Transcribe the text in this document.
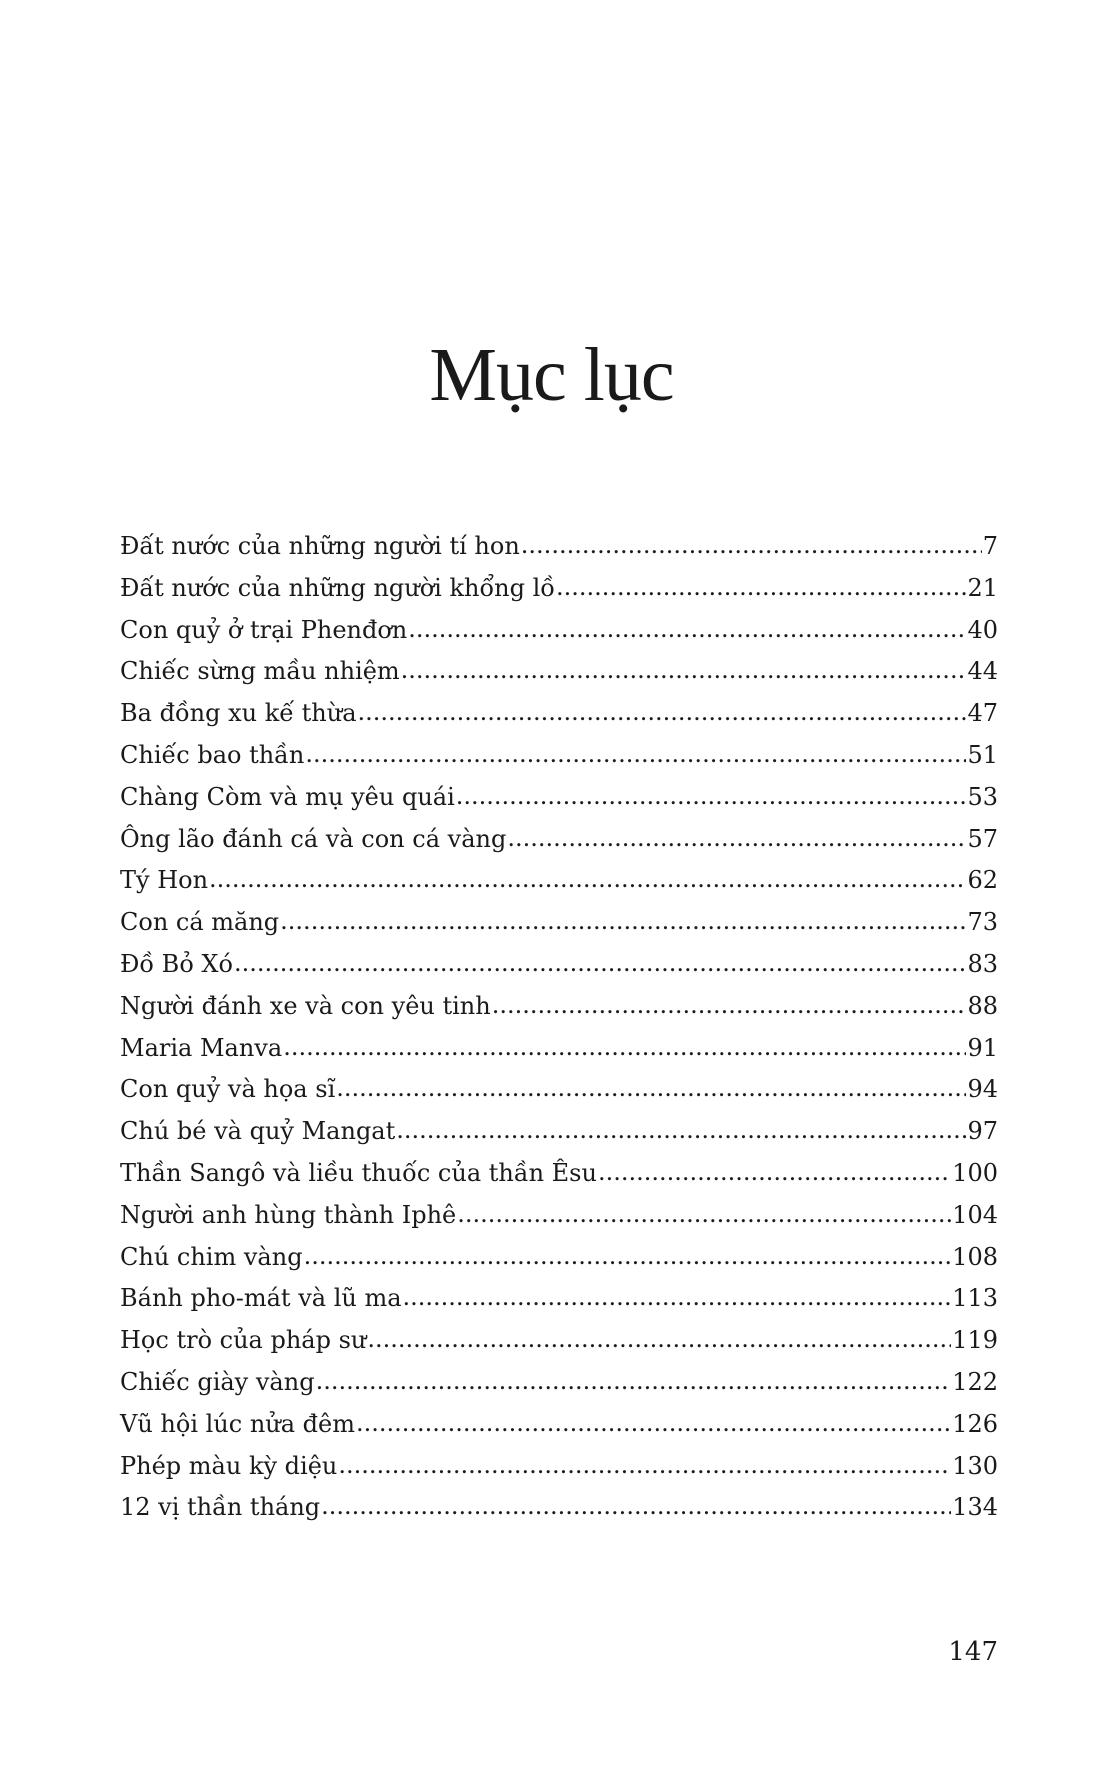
Mục lục
Đất nước của những người tí hon .....	7
Đất nước của những người khổng lồ .....	21
Con quỷ ở trại Phenđơn .....	40
Chiếc sừng mầu nhiệm .....	44
Ba đồng xu kế thừa .....	47
Chiếc bao thần .....	51
Chàng Còm và mụ yêu quái .....	53
Ông lão đánh cá và con cá vàng .....	57
Tý Hon .....	62
Con cá măng .....	73
Đồ Bỏ Xó .....	83
Người đánh xe và con yêu tinh .....	88
Maria Manva .....	91
Con quỷ và họa sĩ .....	94
Chú bé và quỷ Mangat .....	97
Thần Sangô và liều thuốc của thần Êsu .....	100
Người anh hùng thành Iphê .....	104
Chú chim vàng .....	108
Bánh pho-mát và lũ ma .....	113
Học trò của pháp sư .....	119
Chiếc giày vàng .....	122
Vũ hội lúc nửa đêm .....	126
Phép màu kỳ diệu .....	130
12 vị thần tháng .....	134
147
